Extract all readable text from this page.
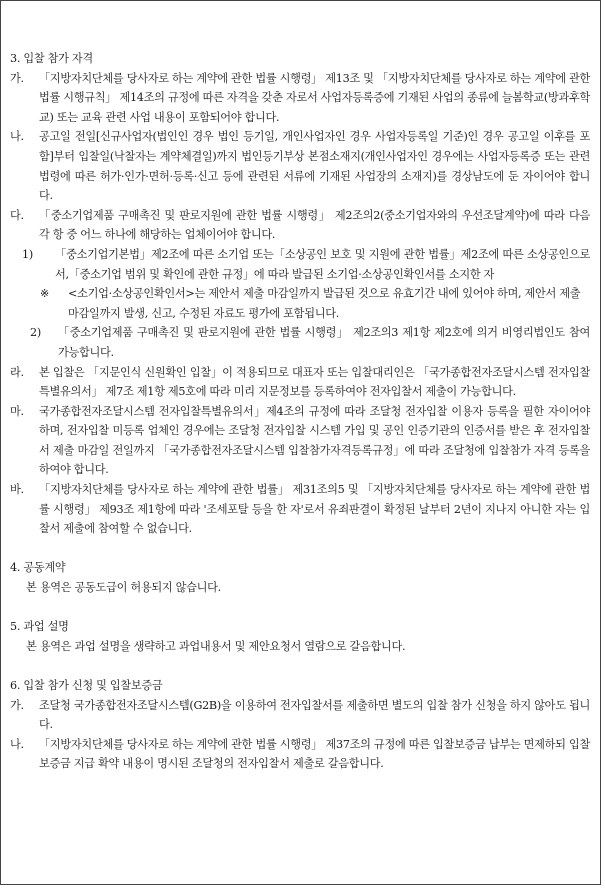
3. 입찰 참가 자격
가.	「지방자치단체를 당사자로 하는 계약에 관한 법률 시행령」 제13조 및 「지방자치단체를 당사자로 하는 계약에 관한 법률 시행규칙」 제14조의 규정에 따른 자격을 갖춘 자로서 사업자등록증에 기재된 사업의 종류에 늘봄학교(방과후학교) 또는 교육 관련 사업 내용이 포함되어야 합니다.
나.	공고일 전일[신규사업자(법인인 경우 법인 등기일, 개인사업자인 경우 사업자등록일 기준)인 경우 공고일 이후를 포함]부터 입찰일(낙찰자는 계약체결일)까지 법인등기부상 본점소재지(개인사업자인 경우에는 사업자등록증 또는 관련 법령에 따른 허가·인가·면허·등록·신고 등에 관련된 서류에 기재된 사업장의 소재지)를 경상남도에 둔 자이어야 합니다.
다.	「중소기업제품 구매촉진 및 판로지원에 관한 법률 시행령」 제2조의2(중소기업자와의 우선조달계약)에 따라 다음 각 항 중 어느 하나에 해당하는 업체이어야 합니다.
1) 「중소기업기본법」제2조에 따른 소기업 또는「소상공인 보호 및 지원에 관한 법률」제2조에 따른 소상공인으로서,「중소기업 범위 및 확인에 관한 규정」에 따라 발급된 소기업·소상공인확인서를 소지한 자
※ <소기업·소상공인확인서>는 제안서 제출 마감일까지 발급된 것으로 유효기간 내에 있어야 하며, 제안서 제출 마감일까지 발생, 신고, 수정된 자료도 평가에 포함됩니다.
2) 「중소기업제품 구매촉진 및 판로지원에 관한 법률 시행령」 제2조의3 제1항 제2호에 의거 비영리법인도 참여 가능합니다.
라.	본 입찰은 「지문인식 신원확인 입찰」이 적용되므로 대표자 또는 입찰대리인은 「국가종합전자조달시스템 전자입찰특별유의서」 제7조 제1항 제5호에 따라 미리 지문정보를 등록하여야 전자입찰서 제출이 가능합니다.
마.	국가종합전자조달시스템 전자입찰특별유의서」제4조의 규정에 따라 조달청 전자입찰 이용자 등록을 필한 자이어야 하며, 전자입찰 미등록 업체인 경우에는 조달청 전자입찰 시스템 가입 및 공인 인증기관의 인증서를 받은 후 전자입찰서 제출 마감일 전일까지 「국가종합전자조달시스템 입찰참가자격등록규정」에 따라 조달청에 입찰참가 자격 등록을 하여야 합니다.
바.	「지방자치단체를 당사자로 하는 계약에 관한 법률」 제31조의5 및 「지방자치단체를 당사자로 하는 계약에 관한 법률 시행령」 제93조 제1항에 따라 '조세포탈 등을 한 자'로서 유죄판결이 확정된 날부터 2년이 지나지 아니한 자는 입찰서 제출에 참여할 수 없습니다.
4. 공동계약
본 용역은 공동도급이 허용되지 않습니다.
5. 과업 설명
본 용역은 과업 설명을 생략하고 과업내용서 및 제안요청서 열람으로 갈음합니다.
6. 입찰 참가 신청 및 입찰보증금
가.	조달청 국가종합전자조달시스템(G2B)을 이용하여 전자입찰서를 제출하면 별도의 입찰 참가 신청을 하지 않아도 됩니다.
나.	「지방자치단체를 당사자로 하는 계약에 관한 법률 시행령」 제37조의 규정에 따른 입찰보증금 납부는 면제하되 입찰보증금 지급 확약 내용이 명시된 조달청의 전자입찰서 제출로 갈음합니다.
